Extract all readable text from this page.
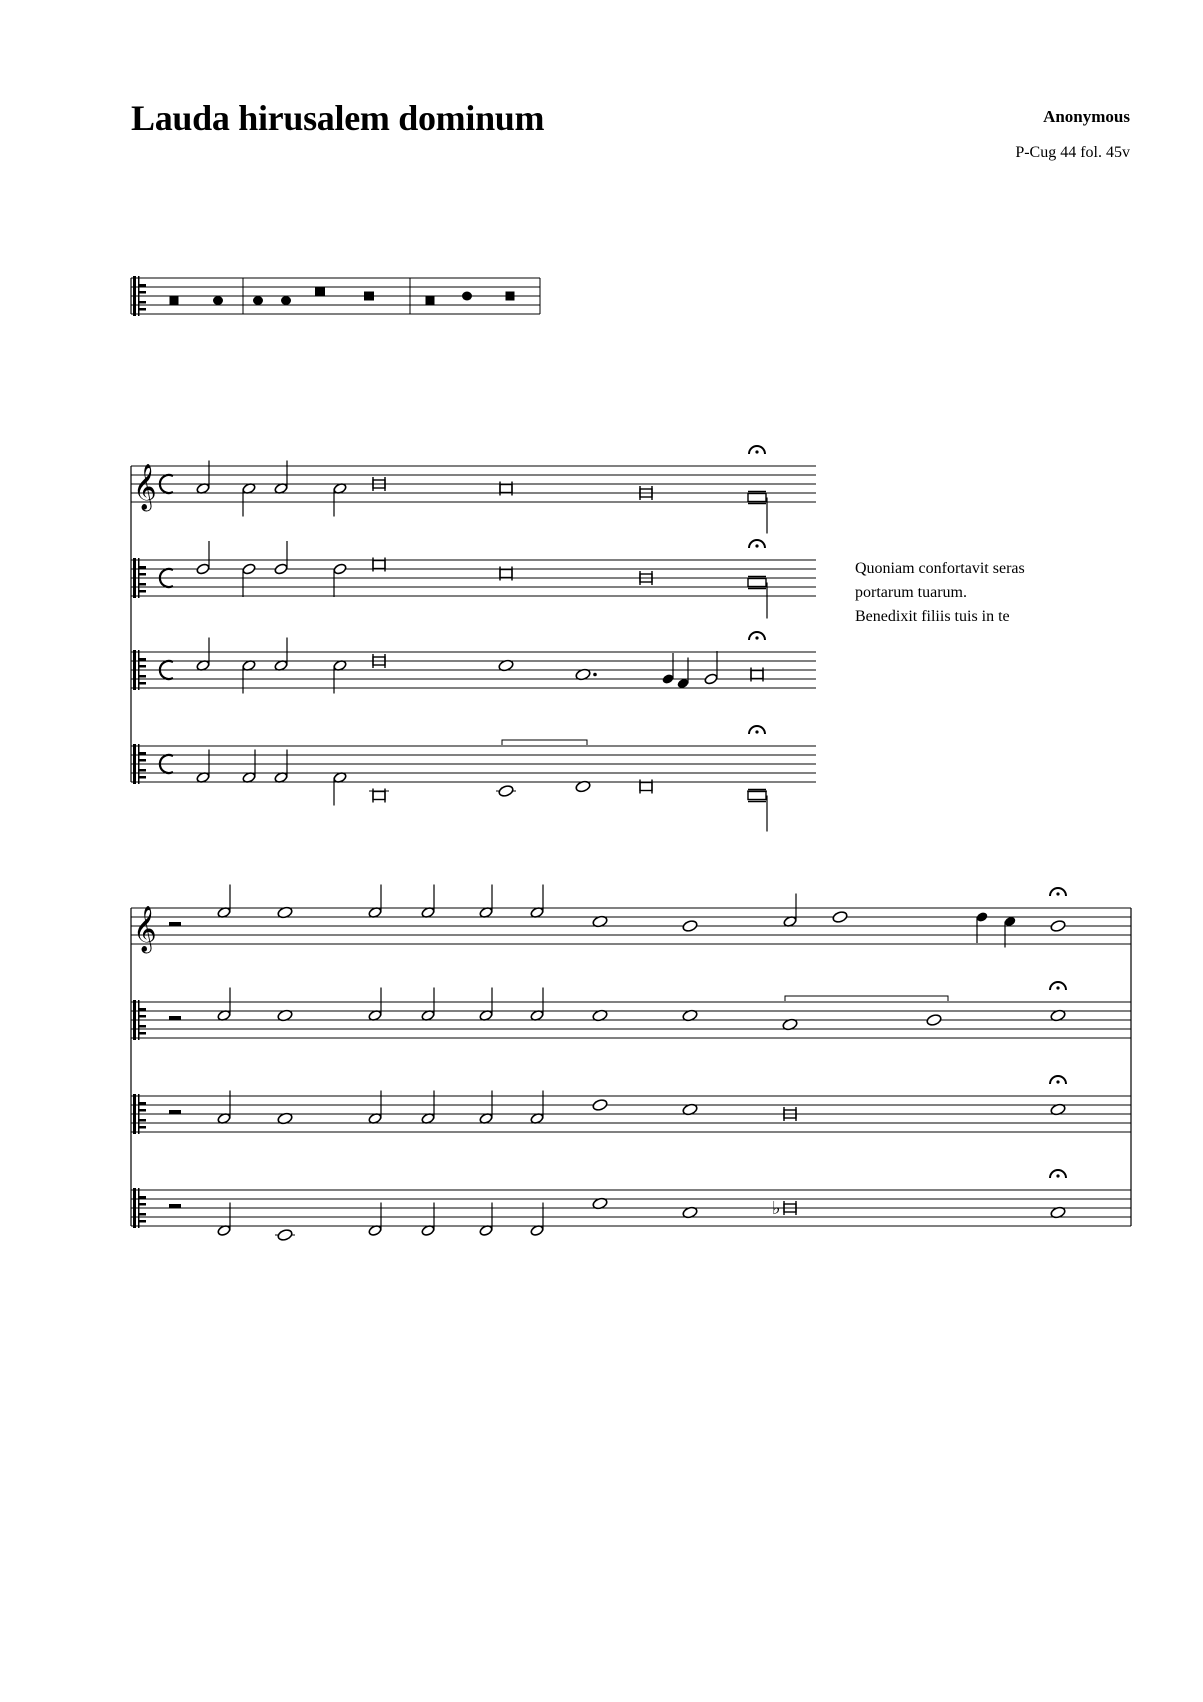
Lauda hirusalem dominum	Anonymous
P-Cug 44 fol. 45v
Quoniam confortavit seras
portarum tuarum.
Benedixit filiis tuis in te
𝄞
𝄞
♭
